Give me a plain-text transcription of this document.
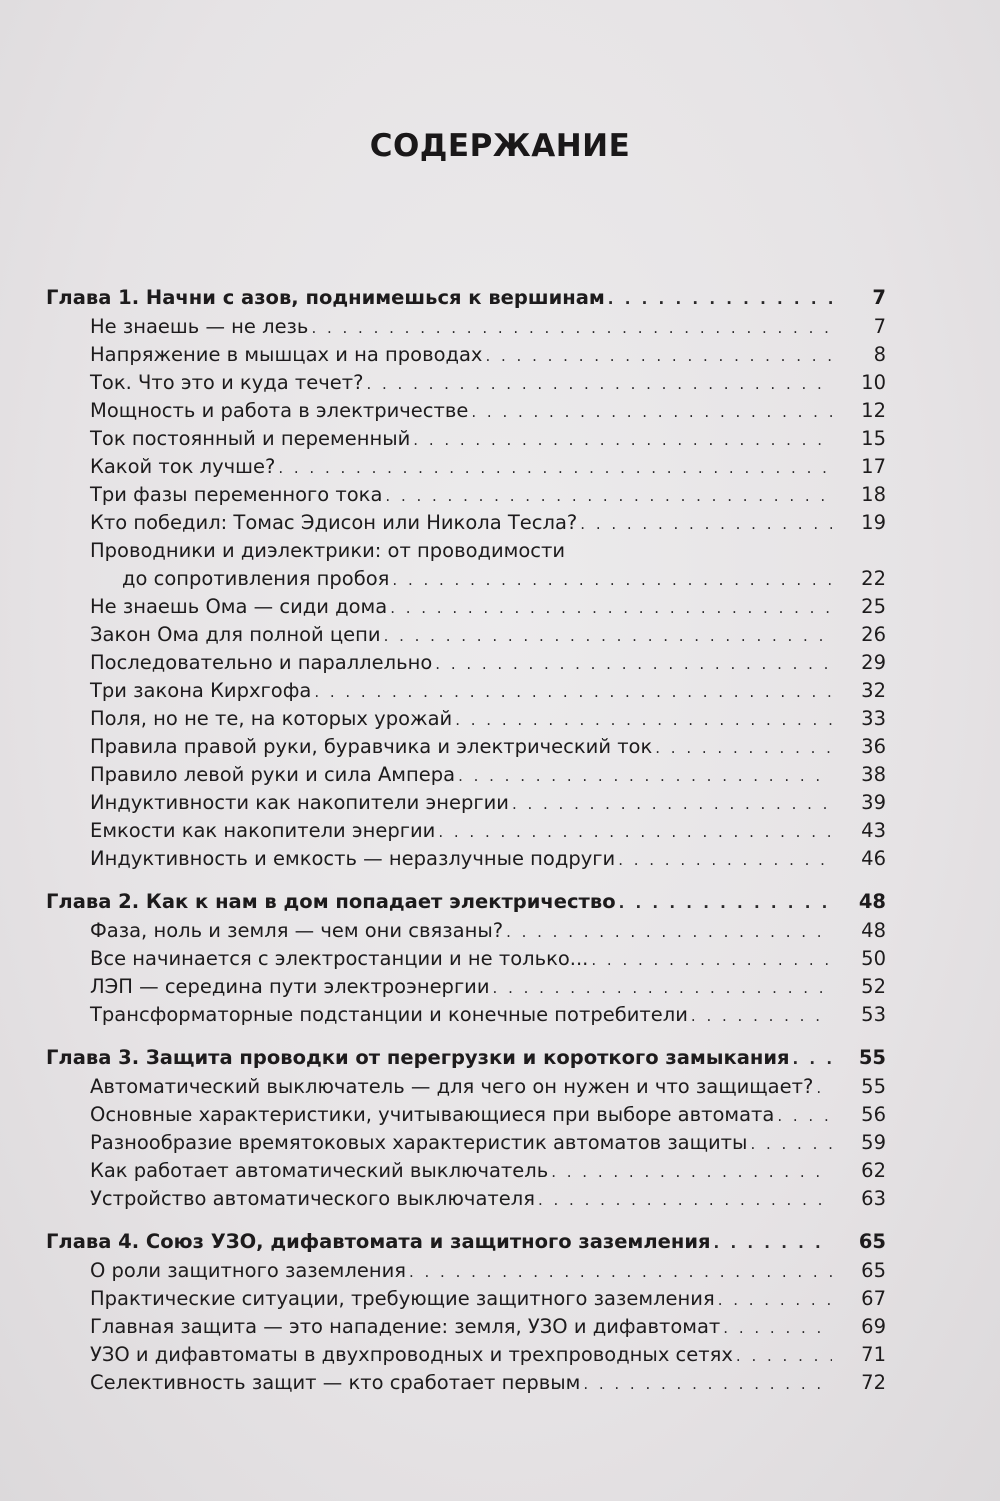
СОДЕРЖАНИЕ
Глава 1. Начни с азов, поднимешься к вершинам . . .	7
Не знаешь — не лезь . . .	7
Напряжение в мышцах и на проводах . . .	8
Ток. Что это и куда течет? . . .	10
Мощность и работа в электричестве . . .	12
Ток постоянный и переменный . . .	15
Какой ток лучше? . . .	17
Три фазы переменного тока . . .	18
Кто победил: Томас Эдисон или Никола Тесла? . . .	19
Проводники и диэлектрики: от проводимости
до сопротивления пробоя . . .	22
Не знаешь Ома — сиди дома . . .	25
Закон Ома для полной цепи . . .	26
Последовательно и параллельно . . .	29
Три закона Кирхгофа . . .	32
Поля, но не те, на которых урожай . . .	33
Правила правой руки, буравчика и электрический ток . . .	36
Правило левой руки и сила Ампера . . .	38
Индуктивности как накопители энергии . . .	39
Емкости как накопители энергии . . .	43
Индуктивность и емкость — неразлучные подруги . . .	46
Глава 2. Как к нам в дом попадает электричество . . .	48
Фаза, ноль и земля — чем они связаны? . . .	48
Все начинается с электростанции и не только... . . .	50
ЛЭП — середина пути электроэнергии . . .	52
Трансформаторные подстанции и конечные потребители . . .	53
Глава 3. Защита проводки от перегрузки и короткого замыкания . . .	55
Автоматический выключатель — для чего он нужен и что защищает? . . .	55
Основные характеристики, учитывающиеся при выборе автомата . . .	56
Разнообразие времятоковых характеристик автоматов защиты . . .	59
Как работает автоматический выключатель . . .	62
Устройство автоматического выключателя . . .	63
Глава 4. Союз УЗО, дифавтомата и защитного заземления . . .	65
О роли защитного заземления . . .	65
Практические ситуации, требующие защитного заземления . . .	67
Главная защита — это нападение: земля, УЗО и дифавтомат . . .	69
УЗО и дифавтоматы в двухпроводных и трехпроводных сетях . . .	71
Селективность защит — кто сработает первым . . .	72
